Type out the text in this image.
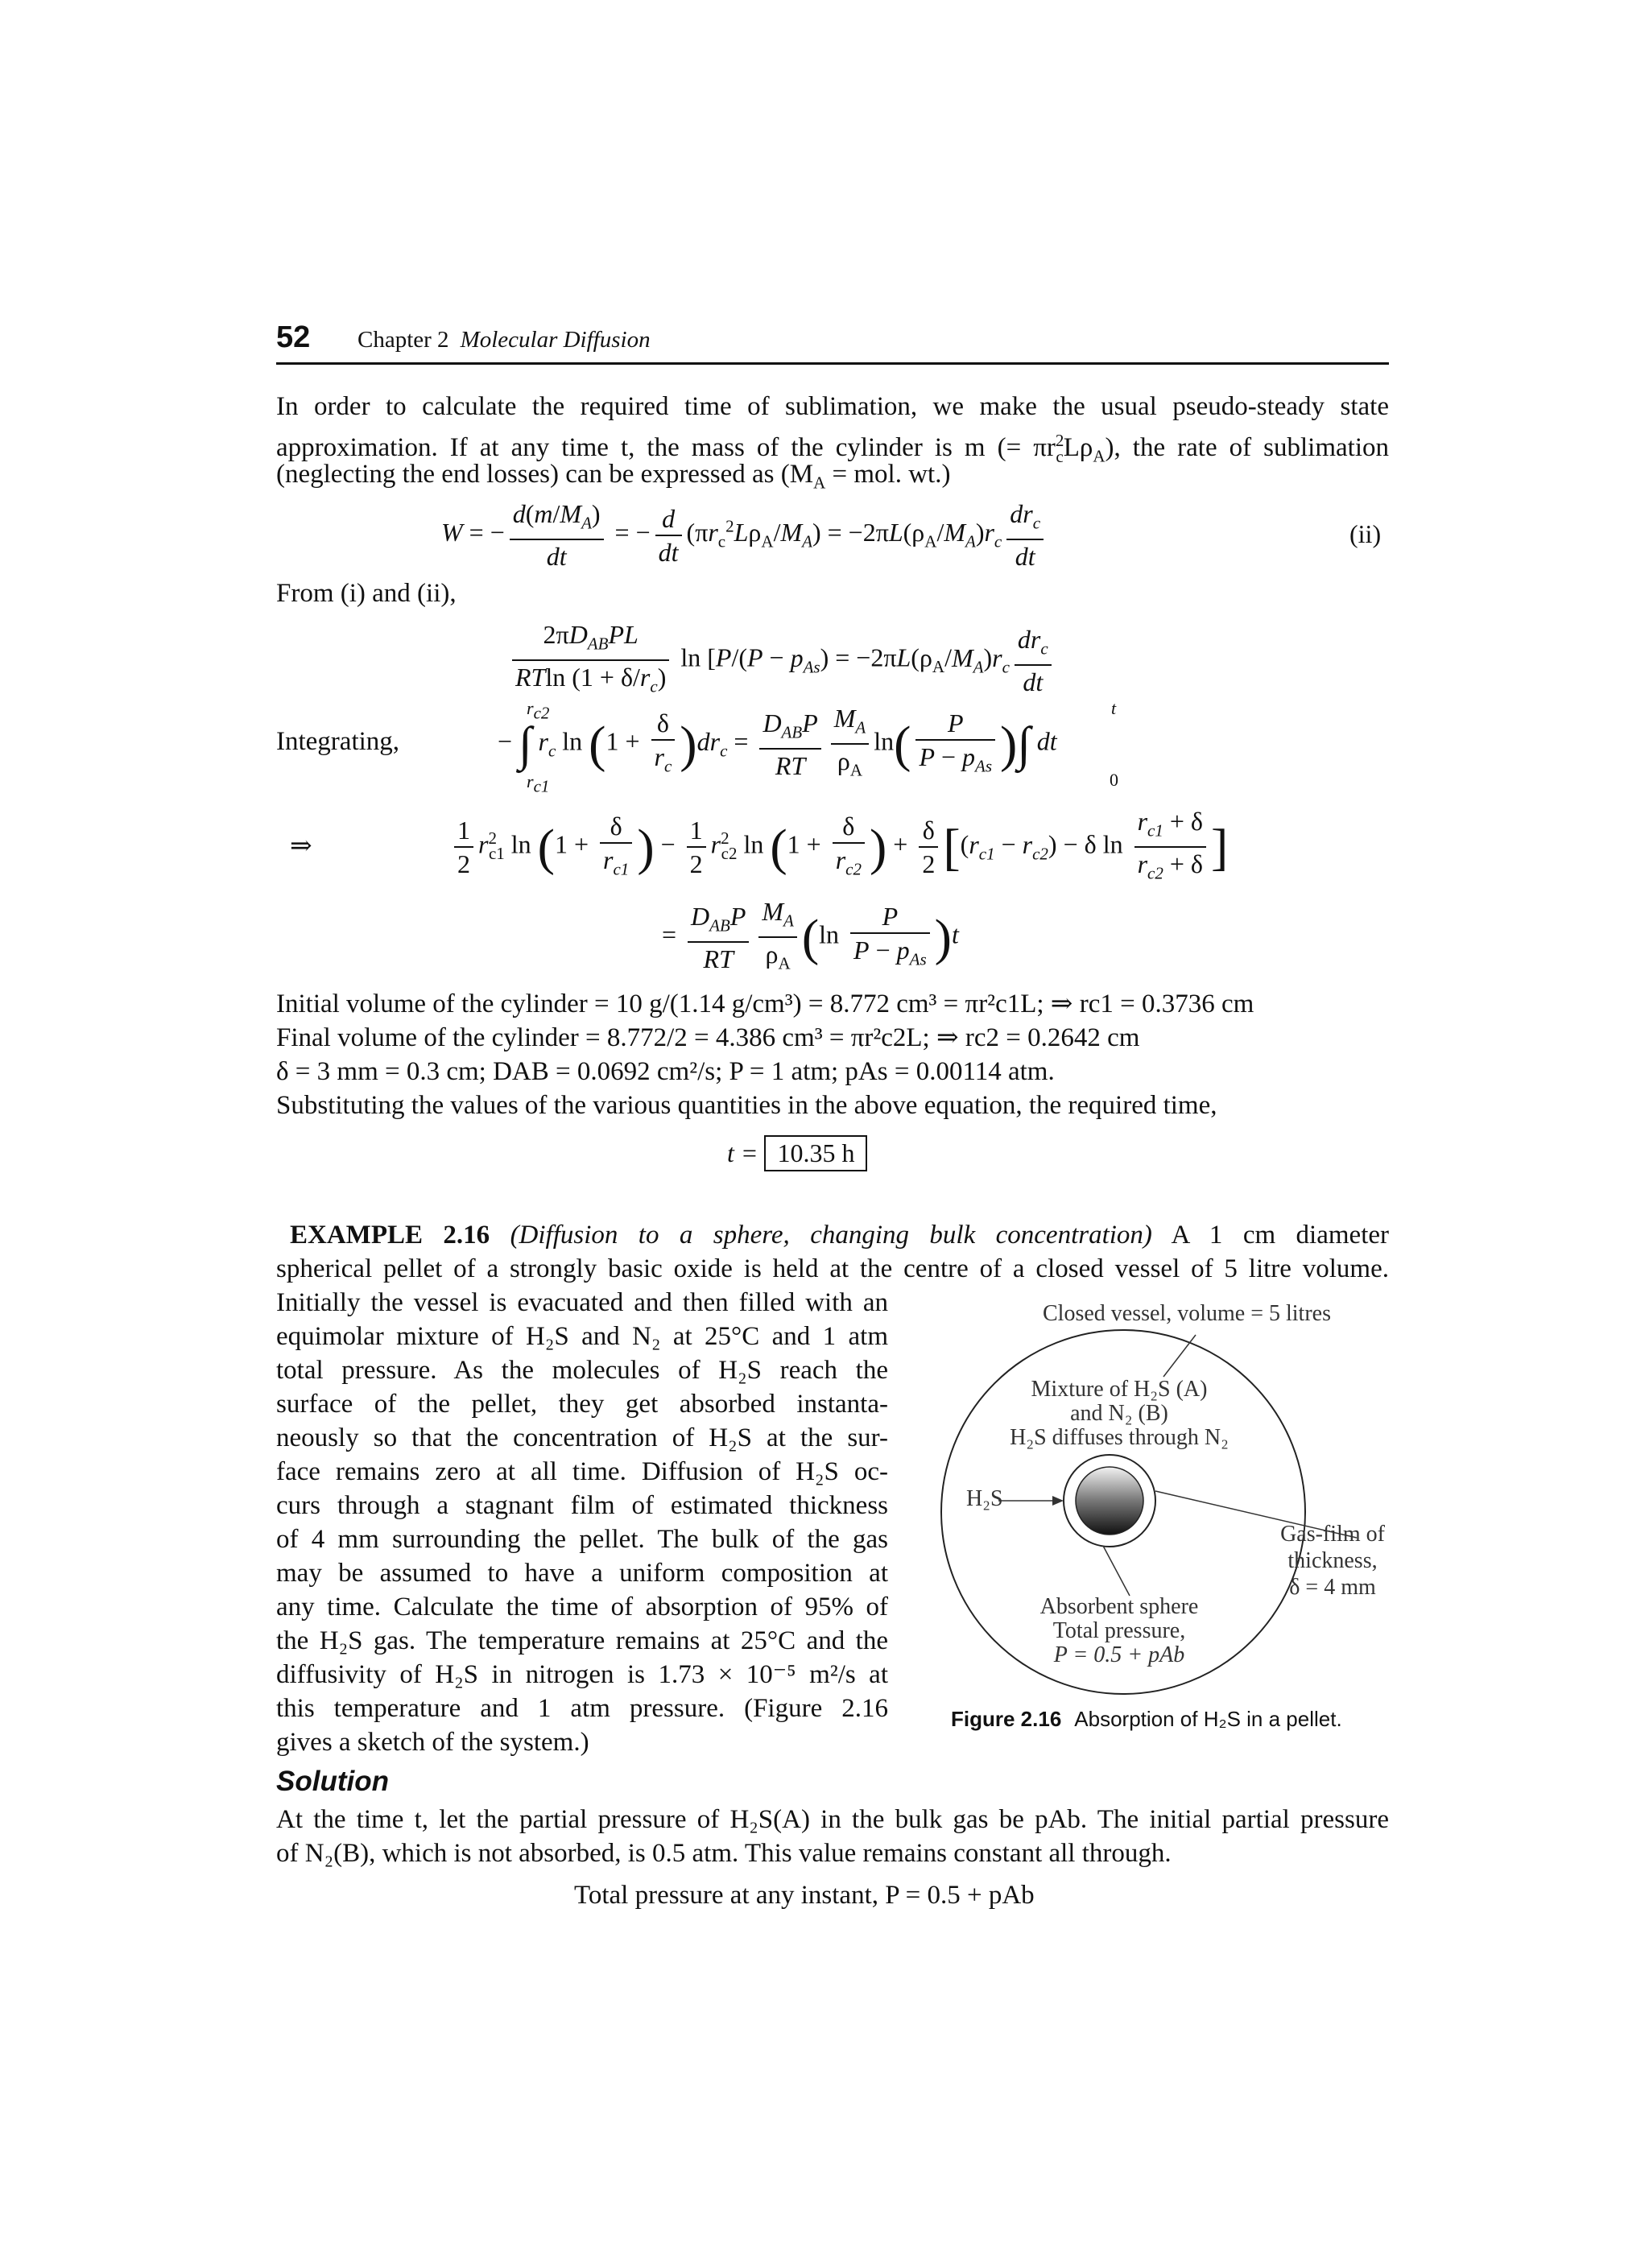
52 Chapter 2 Molecular Diffusion
In order to calculate the required time of sublimation, we make the usual pseudo-steady state
approximation. If at any time t, the mass of the cylinder is m (= $\pi r^2_cL\rho_A$), the rate of sublimation
(neglecting the end losses) can be expressed as ($M_A$ = mol. wt.)
W = − $\frac{d(m/M_A)}{dt}$ = − $\frac{d}{dt} (\pi r_c^2L\rho_A/M_A) = -2\pi L(\rho_A/M_A)r_c \frac{dr_c}{dt}$	(ii)
From (i) and (ii),
$\frac{2\pi D_{AB}PL}{RTln (1 + \delta/r_c)}$ $\ln [P/(P - p_{As}) = -2\pi L(\rho_A/M_A)r_c \frac{dr_c}{dt}$
Integrating,	− ∫ $r_c$ $\ln (1 + \frac{\delta}{r_c} )dr_c = \frac{D_{AB}P}{RT} \frac{M_A}{\rho_A} \ln( \frac{P}{P - p_{As}}$ )∫ dt
$r_{c2}$
$r_{c1}$
t
0
⇒	$\frac{1}{2} r^2_{c1}$ $\ln (1 + \frac{\delta}{r_{c1}}$ ) − $\frac{1}{2} r^2_{c2}$ $\ln (1 + \frac{\delta}{r_{c2}}$ ) + $\frac{\delta}{2} [(r_{c1} - r_{c2}) - \delta$ $\ln \frac{r_{c1} + \delta}{r_{c2} + \delta}$ ]
= $\frac{D_{AB}P}{RT} \frac{M_A}{\rho_A} (\ln \frac{P}{P - p_{As}} )t$
Initial volume of the cylinder = 10 g/(1.14 g/cm³) = 8.772 cm³ = πr²c1L; ⇒ rc1 = 0.3736 cm
Final volume of the cylinder = 8.772/2 = 4.386 cm³ = πr²c2L; ⇒ rc2 = 0.2642 cm
δ = 3 mm = 0.3 cm; DAB = 0.0692 cm²/s; P = 1 atm; pAs = 0.00114 atm.
Substituting the values of the various quantities in the above equation, the required time,
t = 10.35 h
EXAMPLE 2.16 (Diffusion to a sphere, changing bulk concentration) A 1 cm diameter
spherical pellet of a strongly basic oxide is held at the centre of a closed vessel of 5 litre volume.
Initially the vessel is evacuated and then filled with an
equimolar mixture of H₂S and N₂ at 25°C and 1 atm
total pressure. As the molecules of H₂S reach the
surface of the pellet, they get absorbed instanta-
neously so that the concentration of H₂S at the sur-
face remains zero at all time. Diffusion of H₂S oc-
curs through a stagnant film of estimated thickness
of 4 mm surrounding the pellet. The bulk of the gas
may be assumed to have a uniform composition at
any time. Calculate the time of absorption of 95% of
the H₂S gas. The temperature remains at 25°C and the
diffusivity of H₂S in nitrogen is 1.73 × 10⁻⁵ m²/s at
this temperature and 1 atm pressure. (Figure 2.16
gives a sketch of the system.)
Closed vessel, volume = 5 litres
Mixture of H₂S (A)
and N₂ (B)
H₂S diffuses through N₂
H₂S
Gas-film of
thickness,
δ = 4 mm
Absorbent sphere
Total pressure,
P = 0.5 + pAb
Figure 2.16 Absorption of H₂S in a pellet.
Solution
At the time t, let the partial pressure of H₂S(A) in the bulk gas be pAb. The initial partial pressure
of N₂(B), which is not absorbed, is 0.5 atm. This value remains constant all through.
Total pressure at any instant, P = 0.5 + pAb
